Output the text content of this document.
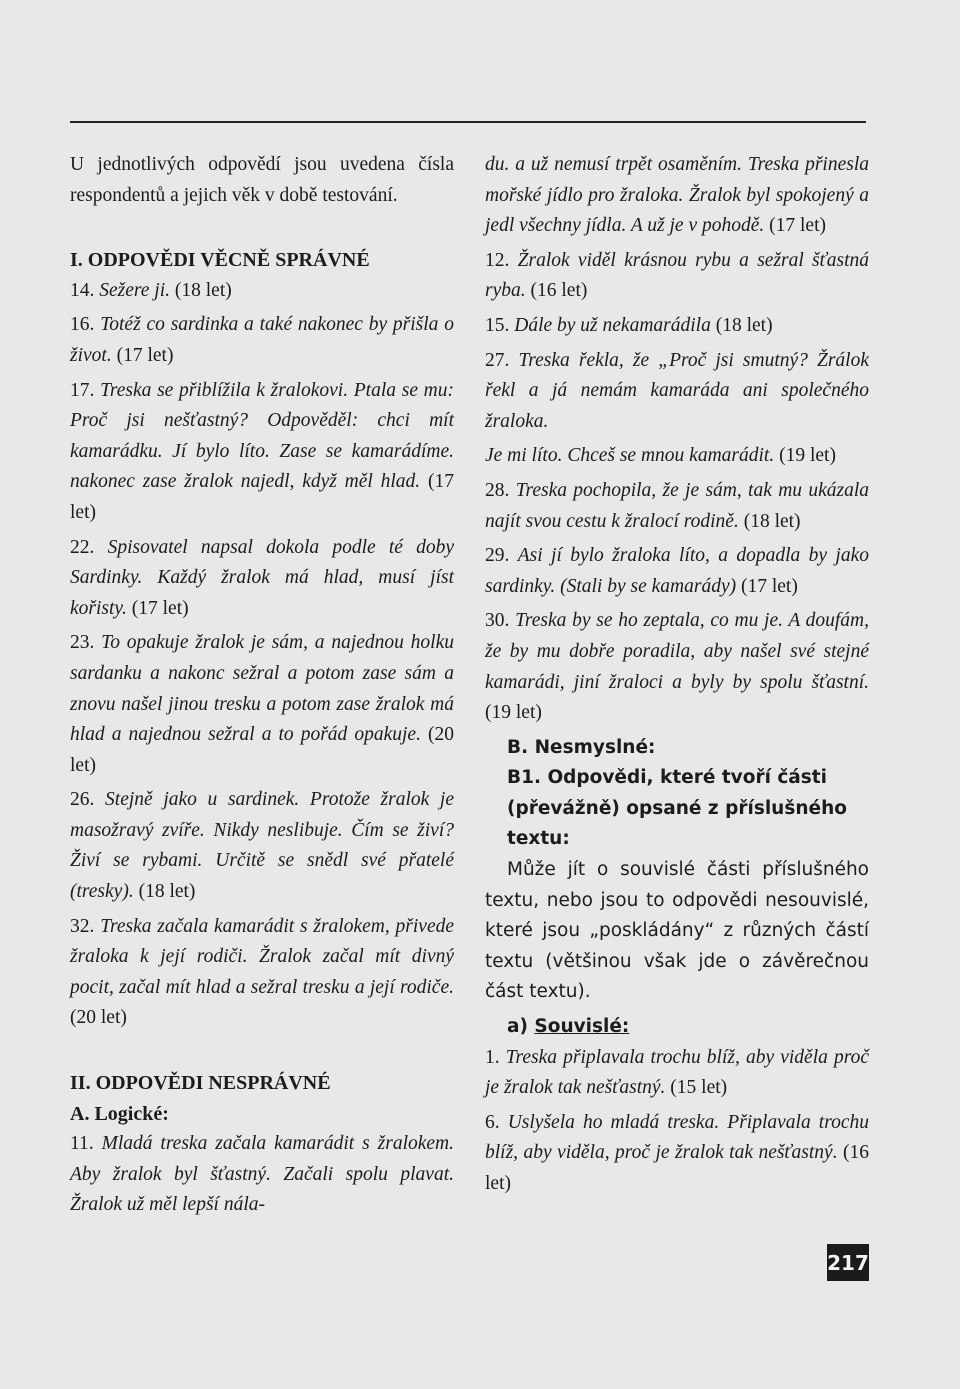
U jednotlivých odpovědí jsou uvedena čísla respondentů a jejich věk v době testování.

I. ODPOVĚDI VĚCNĚ SPRÁVNÉ

14. Sežere ji. (18 let)

16. Totéž co sardinka a také nakonec by přišla o život. (17 let)

17. Treska se přiblížila k žralokovi. Ptala se mu: Proč jsi nešťastný? Odpověděl: chci mít kamarádku. Jí bylo líto. Zase se kamarádíme. nakonec zase žralok najedl, když měl hlad. (17 let)

22. Spisovatel napsal dokola podle té doby Sardinky. Každý žralok má hlad, musí jíst kořisty. (17 let)

23. To opakuje žralok je sám, a najednou holku sardanku a nakonc sežral a potom zase sám a znovu našel jinou tresku a potom zase žralok má hlad a najednou sežral a to pořád opakuje. (20 let)

26. Stejně jako u sardinek. Protože žralok je masožravý zvíře. Nikdy neslibuje. Čím se živí? Živí se rybami. Určitě se snědl své přatelé (tresky). (18 let)

32. Treska začala kamarádit s žralokem, přivede žraloka k její rodiči. Žralok začal mít divný pocit, začal mít hlad a sežral tresku a její rodiče. (20 let)

II. ODPOVĚDI NESPRÁVNÉ
A. Logické:

11. Mladá treska začala kamarádit s žralokem. Aby žralok byl šťastný. Začali spolu plavat. Žralok už měl lepší nála-

du. a už nemusí trpět osaměním. Treska přinesla mořské jídlo pro žraloka. Žralok byl spokojený a jedl všechny jídla. A už je v pohodě. (17 let)

12. Žralok viděl krásnou rybu a sežral šťastná ryba. (16 let)

15. Dále by už nekamarádila (18 let)

27. Treska řekla, že „Proč jsi smutný? Žrálok řekl a já nemám kamaráda ani společného žraloka.

Je mi líto. Chceš se mnou kamarádit. (19 let)

28. Treska pochopila, že je sám, tak mu ukázala najít svou cestu k žralocí rodině. (18 let)

29. Asi jí bylo žraloka líto, a dopadla by jako sardinky. (Stali by se kamarády) (17 let)

30. Treska by se ho zeptala, co mu je. A doufám, že by mu dobře poradila, aby našel své stejné kamarádi, jiní žraloci a byly by spolu šťastní. (19 let)

B. Nesmyslné:
B1. Odpovědi, které tvoří části (převážně) opsané z příslušného textu:

Může jít o souvislé části příslušného textu, nebo jsou to odpovědi nesouvislé, které jsou „poskládány“ z různých částí textu (většinou však jde o závěrečnou část textu).

a) Souvislé:

1. Treska připlavala trochu blíž, aby viděla proč je žralok tak nešťastný. (15 let)

6. Uslyšela ho mladá treska. Připlavala trochu blíž, aby viděla, proč je žralok tak nešťastný. (16 let)

217
